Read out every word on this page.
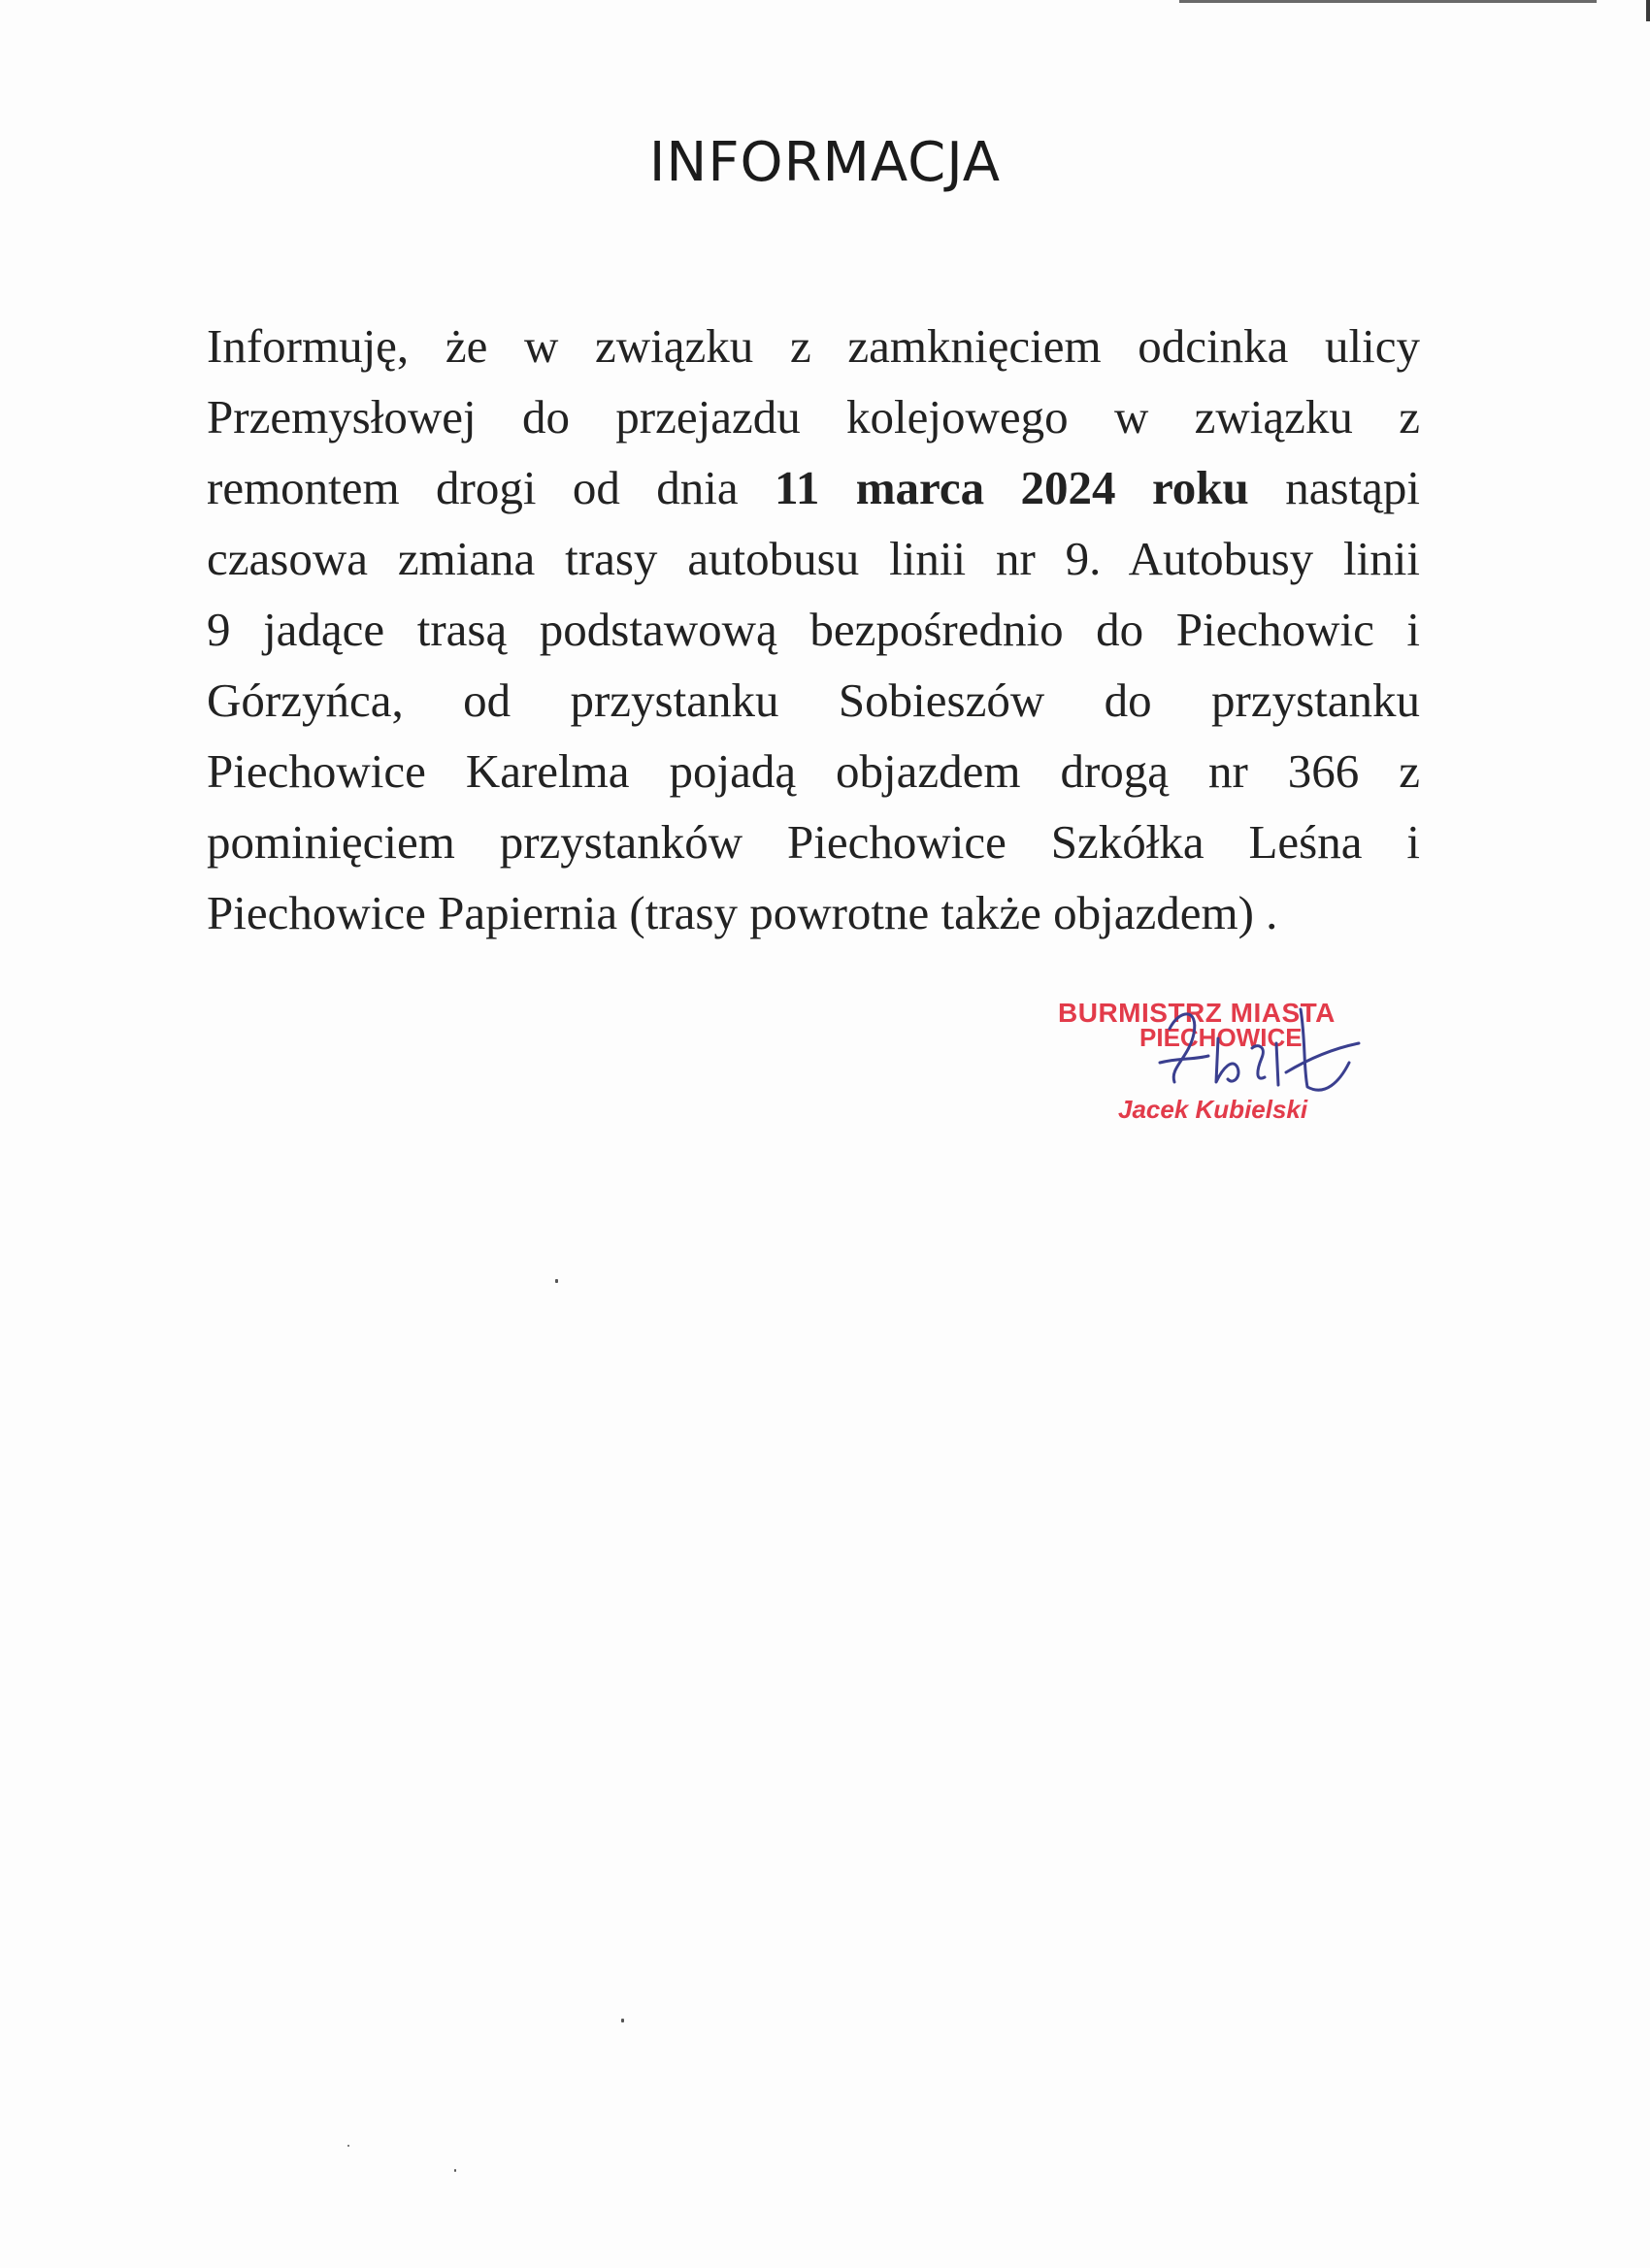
INFORMACJA
Informuję, że w związku z zamknięciem odcinka ulicy
Przemysłowej do przejazdu kolejowego w związku z
remontem drogi od dnia 11 marca 2024 roku nastąpi
czasowa zmiana trasy autobusu linii nr 9. Autobusy linii
9 jadące trasą podstawową bezpośrednio do Piechowic i
Górzyńca, od przystanku Sobieszów do przystanku
Piechowice Karelma pojadą objazdem drogą nr 366 z
pominięciem przystanków Piechowice Szkółka Leśna i
Piechowice Papiernia (trasy powrotne także objazdem) .
BURMISTRZ MIASTA
PIECHOWICE
Jacek Kubielski
